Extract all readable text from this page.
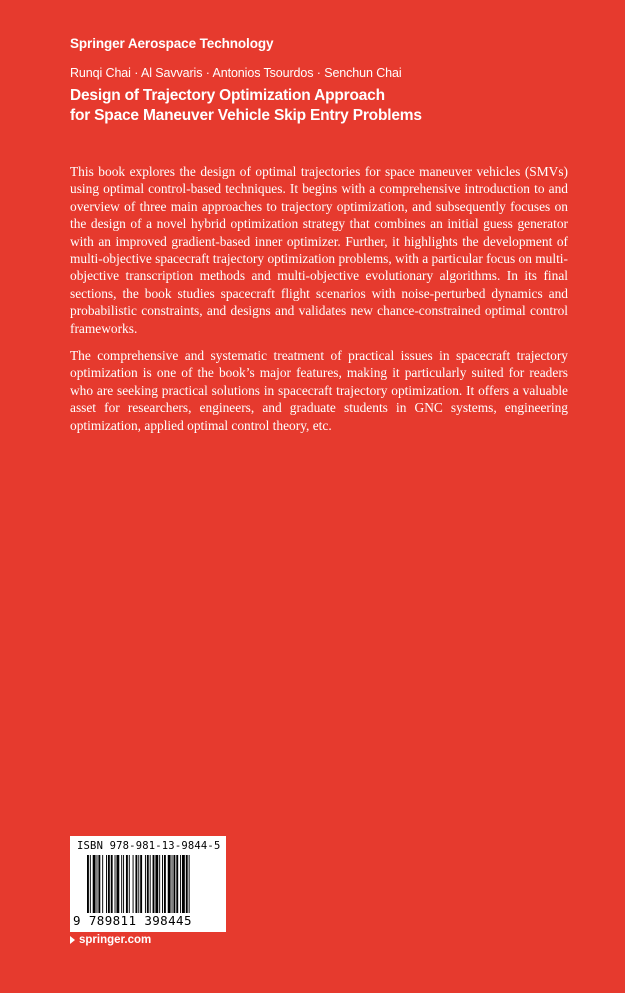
Springer Aerospace Technology
Runqi Chai · Al Savvaris · Antonios Tsourdos · Senchun Chai
Design of Trajectory Optimization Approach
for Space Maneuver Vehicle Skip Entry Problems

This book explores the design of optimal trajectories for space maneuver vehicles (SMVs) using optimal control-based techniques. It begins with a comprehensive introduction to and overview of three main approaches to trajectory optimization, and subsequently focuses on the design of a novel hybrid optimization strategy that combines an initial guess generator with an improved gradient-based inner optimizer. Further, it highlights the development of multi-objective spacecraft trajectory optimization problems, with a particular focus on multi-objective transcription methods and multi-objective evolutionary algorithms. In its final sections, the book studies spacecraft flight scenarios with noise-perturbed dynamics and probabilistic constraints, and designs and validates new chance-constrained optimal control frameworks.

The comprehensive and systematic treatment of practical issues in spacecraft trajectory optimization is one of the book’s major features, making it particularly suited for readers who are seeking practical solutions in spacecraft trajectory optimization. It offers a valuable asset for researchers, engineers, and graduate students in GNC systems, engineering optimization, applied optimal control theory, etc.

ISBN 978-981-13-9844-5
9 789811 398445
springer.com
